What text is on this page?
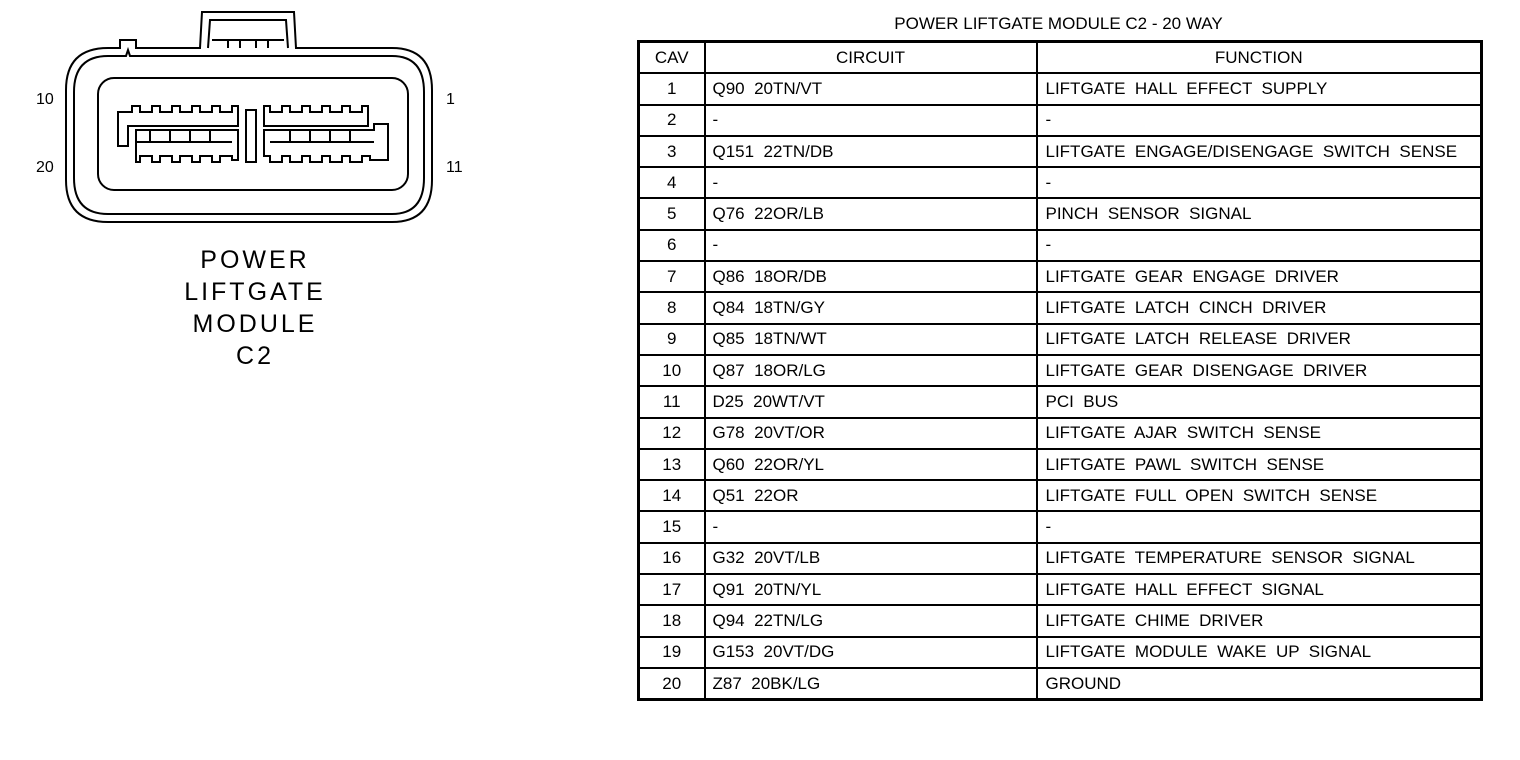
10
20
1
11
POWER
LIFTGATE
MODULE
C2
POWER LIFTGATE MODULE C2 - 20 WAY
CAV	CIRCUIT	FUNCTION
1	Q90  20TN/VT	LIFTGATE  HALL  EFFECT  SUPPLY
2	-	-
3	Q151  22TN/DB	LIFTGATE  ENGAGE/DISENGAGE  SWITCH  SENSE
4	-	-
5	Q76  22OR/LB	PINCH  SENSOR  SIGNAL
6	-	-
7	Q86  18OR/DB	LIFTGATE  GEAR  ENGAGE  DRIVER
8	Q84  18TN/GY	LIFTGATE  LATCH  CINCH  DRIVER
9	Q85  18TN/WT	LIFTGATE  LATCH  RELEASE  DRIVER
10	Q87  18OR/LG	LIFTGATE  GEAR  DISENGAGE  DRIVER
11	D25  20WT/VT	PCI  BUS
12	G78  20VT/OR	LIFTGATE  AJAR  SWITCH  SENSE
13	Q60  22OR/YL	LIFTGATE  PAWL  SWITCH  SENSE
14	Q51  22OR	LIFTGATE  FULL  OPEN  SWITCH  SENSE
15	-	-
16	G32  20VT/LB	LIFTGATE  TEMPERATURE  SENSOR  SIGNAL
17	Q91  20TN/YL	LIFTGATE  HALL  EFFECT  SIGNAL
18	Q94  22TN/LG	LIFTGATE  CHIME  DRIVER
19	G153  20VT/DG	LIFTGATE  MODULE  WAKE  UP  SIGNAL
20	Z87  20BK/LG	GROUND
